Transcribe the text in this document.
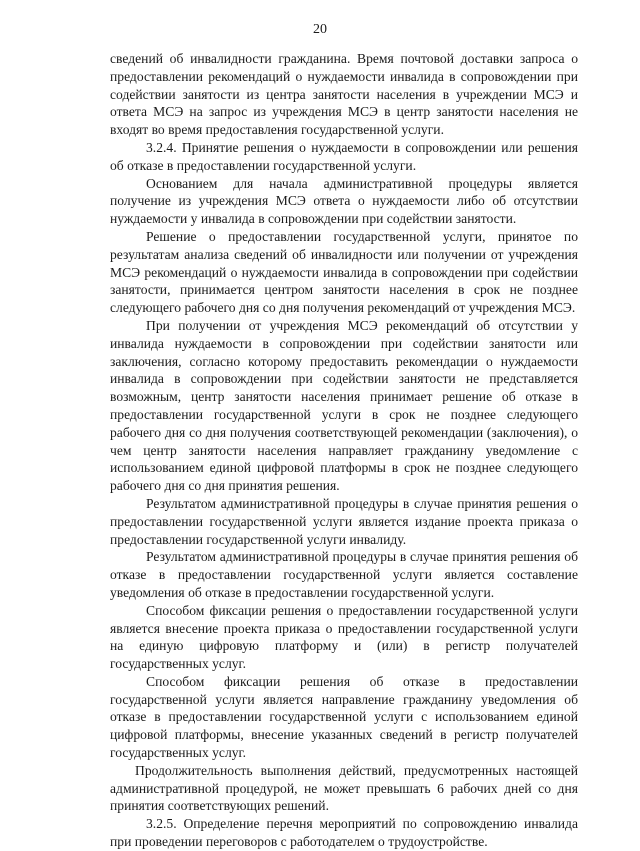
20

сведений об инвалидности гражданина. Время почтовой доставки запроса о предоставлении рекомендаций о нуждаемости инвалида в сопровождении при содействии занятости из центра занятости населения в учреждении МСЭ и ответа МСЭ на запрос из учреждения МСЭ в центр занятости населения не входят во время предоставления государственной услуги.

3.2.4. Принятие решения о нуждаемости в сопровождении или решения об отказе в предоставлении государственной услуги.

Основанием для начала административной процедуры является получение из учреждения МСЭ ответа о нуждаемости либо об отсутствии нуждаемости у инвалида в сопровождении при содействии занятости.

Решение о предоставлении государственной услуги, принятое по результатам анализа сведений об инвалидности или получении от учреждения МСЭ рекомендаций о нуждаемости инвалида в сопровождении при содействии занятости, принимается центром занятости населения в срок не позднее следующего рабочего дня со дня получения рекомендаций от учреждения МСЭ.

При получении от учреждения МСЭ рекомендаций об отсутствии у инвалида нуждаемости в сопровождении при содействии занятости или заключения, согласно которому предоставить рекомендации о нуждаемости инвалида в сопровождении при содействии занятости не представляется возможным, центр занятости населения принимает решение об отказе в предоставлении государственной услуги в срок не позднее следующего рабочего дня со дня получения соответствующей рекомендации (заключения), о чем центр занятости населения направляет гражданину уведомление с использованием единой цифровой платформы в срок не позднее следующего рабочего дня со дня принятия решения.

Результатом административной процедуры в случае принятия решения о предоставлении государственной услуги является издание проекта приказа о предоставлении государственной услуги инвалиду.

Результатом административной процедуры в случае принятия решения об отказе в предоставлении государственной услуги является составление уведомления об отказе в предоставлении государственной услуги.

Способом фиксации решения о предоставлении государственной услуги является внесение проекта приказа о предоставлении государственной услуги на единую цифровую платформу и (или) в регистр получателей государственных услуг.

Способом фиксации решения об отказе в предоставлении государственной услуги является направление гражданину уведомления об отказе в предоставлении государственной услуги с использованием единой цифровой платформы, внесение указанных сведений в регистр получателей государственных услуг.

Продолжительность выполнения действий, предусмотренных настоящей административной процедурой, не может превышать 6 рабочих дней со дня принятия соответствующих решений.

3.2.5. Определение перечня мероприятий по сопровождению инвалида при проведении переговоров с работодателем о трудоустройстве.
